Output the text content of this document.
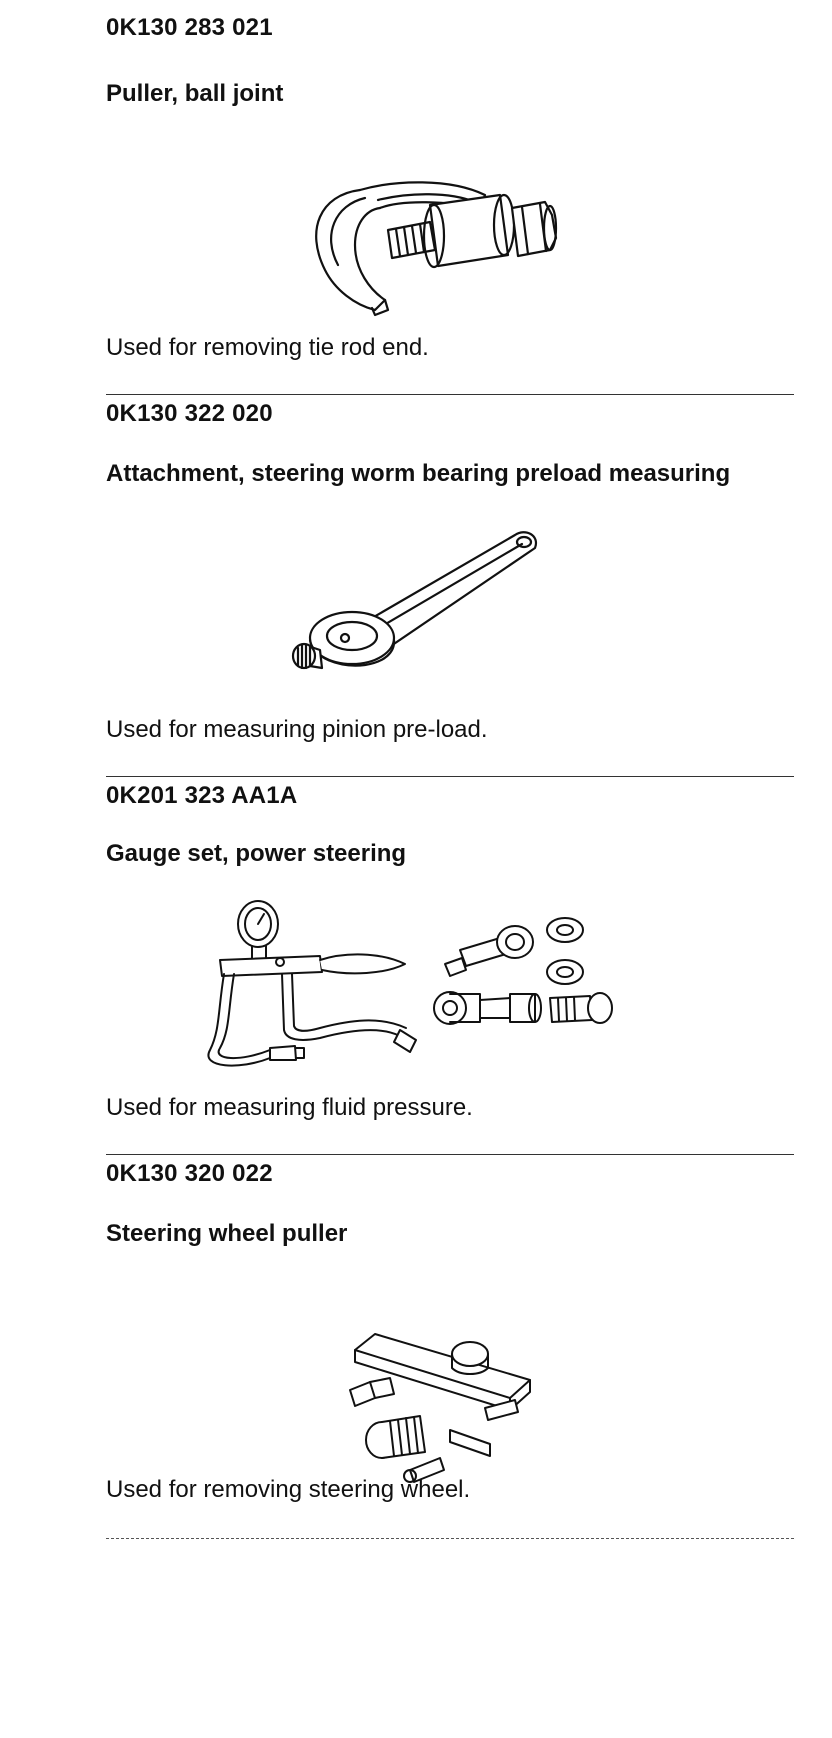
0K130 283 021
Puller, ball joint

Used for removing tie rod end.

0K130 322 020
Attachment, steering worm bearing preload measuring

Used for measuring pinion pre-load.

0K201 323 AA1A
Gauge set, power steering

Used for measuring fluid pressure.

0K130 320 022
Steering wheel puller

Used for removing steering wheel.
